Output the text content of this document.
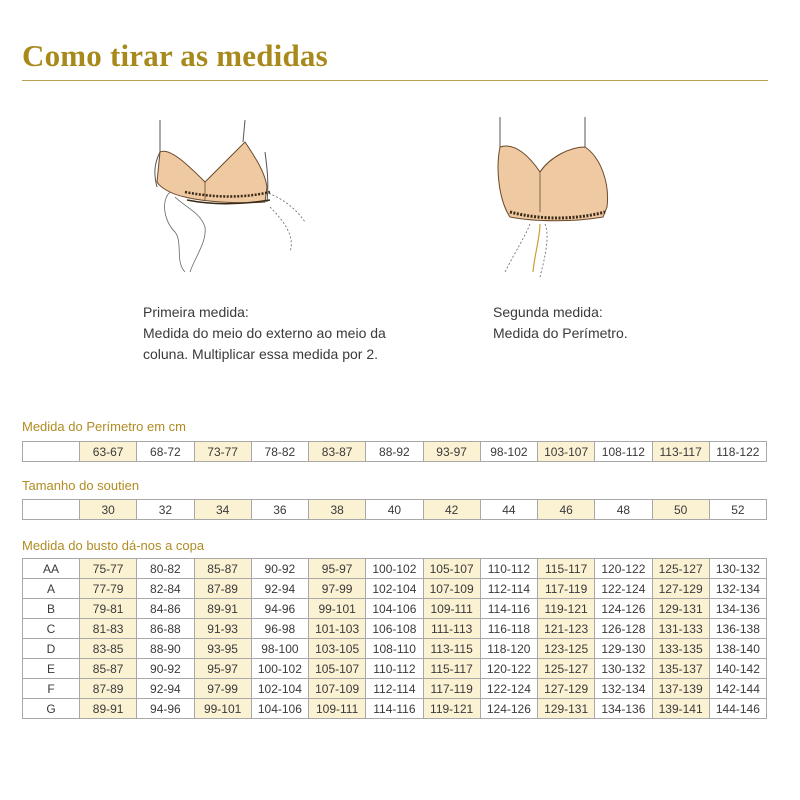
Como tirar as medidas
Primeira medida:
Medida do meio do externo ao meio da
coluna. Multiplicar essa medida por 2.
Segunda medida:
Medida do Perímetro.
Medida do Perímetro em cm
	63-67	68-72	73-77	78-82	83-87	88-92	93-97	98-102	103-107	108-112	113-117	118-122
Tamanho do soutien
	30	32	34	36	38	40	42	44	46	48	50	52
Medida do busto dá-nos a copa
AA	75-77	80-82	85-87	90-92	95-97	100-102	105-107	110-112	115-117	120-122	125-127	130-132
A	77-79	82-84	87-89	92-94	97-99	102-104	107-109	112-114	117-119	122-124	127-129	132-134
B	79-81	84-86	89-91	94-96	99-101	104-106	109-111	114-116	119-121	124-126	129-131	134-136
C	81-83	86-88	91-93	96-98	101-103	106-108	111-113	116-118	121-123	126-128	131-133	136-138
D	83-85	88-90	93-95	98-100	103-105	108-110	113-115	118-120	123-125	129-130	133-135	138-140
E	85-87	90-92	95-97	100-102	105-107	110-112	115-117	120-122	125-127	130-132	135-137	140-142
F	87-89	92-94	97-99	102-104	107-109	112-114	117-119	122-124	127-129	132-134	137-139	142-144
G	89-91	94-96	99-101	104-106	109-111	114-116	119-121	124-126	129-131	134-136	139-141	144-146
